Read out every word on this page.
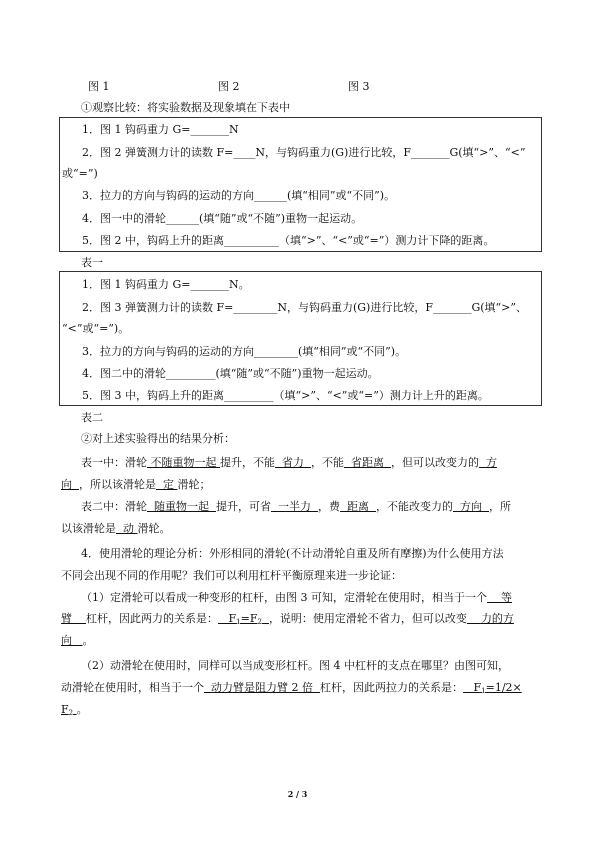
图 1	图 2	图 3
①观察比较：将实验数据及现象填在下表中
1．图 1 钩码重力 G=_______N
2．图 2 弹簧测力计的读数 F=____N，与钩码重力(G)进行比较，F_______G(填“>”、“<”
或“=”)
3．拉力的方向与钩码的运动的方向______(填“相同”或“不同”)。
4．图一中的滑轮______(填“随”或“不随”)重物一起运动。
5．图 2 中，钩码上升的距离__________（填“>”、“<”或“=”）测力计下降的距离。
表一
1．图 1 钩码重力 G=_______N。
2．图 3 弹簧测力计的读数 F=________N，与钩码重力(G)进行比较，F_______G(填“>”、
“<”或“=”)。
3．拉力的方向与钩码的运动的方向________(填“相同”或“不同”)。
4．图二中的滑轮_________(填“随”或“不随”)重物一起运动。
5．图 3 中，钩码上升的距离_________（填“>”、“<”或“=”）测力计上升的距离。
表二
②对上述实验得出的结果分析：
表一中：滑轮 不随重物一起 提升，不能 省力 ，不能 省距离 ，但可以改变力的 方
向 ，所以该滑轮是 定 滑轮；
表二中：滑轮 随重物一起 提升，可省 一半力 ，费 距离 ，不能改变力的 方向 ，所
以该滑轮是 动 滑轮。
4．使用滑轮的理论分析：外形相同的滑轮(不计动滑轮自重及所有摩擦)为什么使用方法
不同会出现不同的作用呢？我们可以利用杠杆平衡原理来进一步论证：
（1）定滑轮可以看成一种变形的杠杆，由图 3 可知，定滑轮在使用时，相当于一个 等
臂 杠杆，因此两力的关系是： $F_1=F_2$ ，说明：使用定滑轮不省力，但可以改变 力的方
向 。
（2）动滑轮在使用时，同样可以当成变形杠杆。图 4 中杠杆的支点在哪里？由图可知，
动滑轮在使用时，相当于一个 动力臂是阻力臂 2 倍 杠杆，因此两拉力的关系是： $F_1=1/2\times$
$F_2$ 。
2 / 3
